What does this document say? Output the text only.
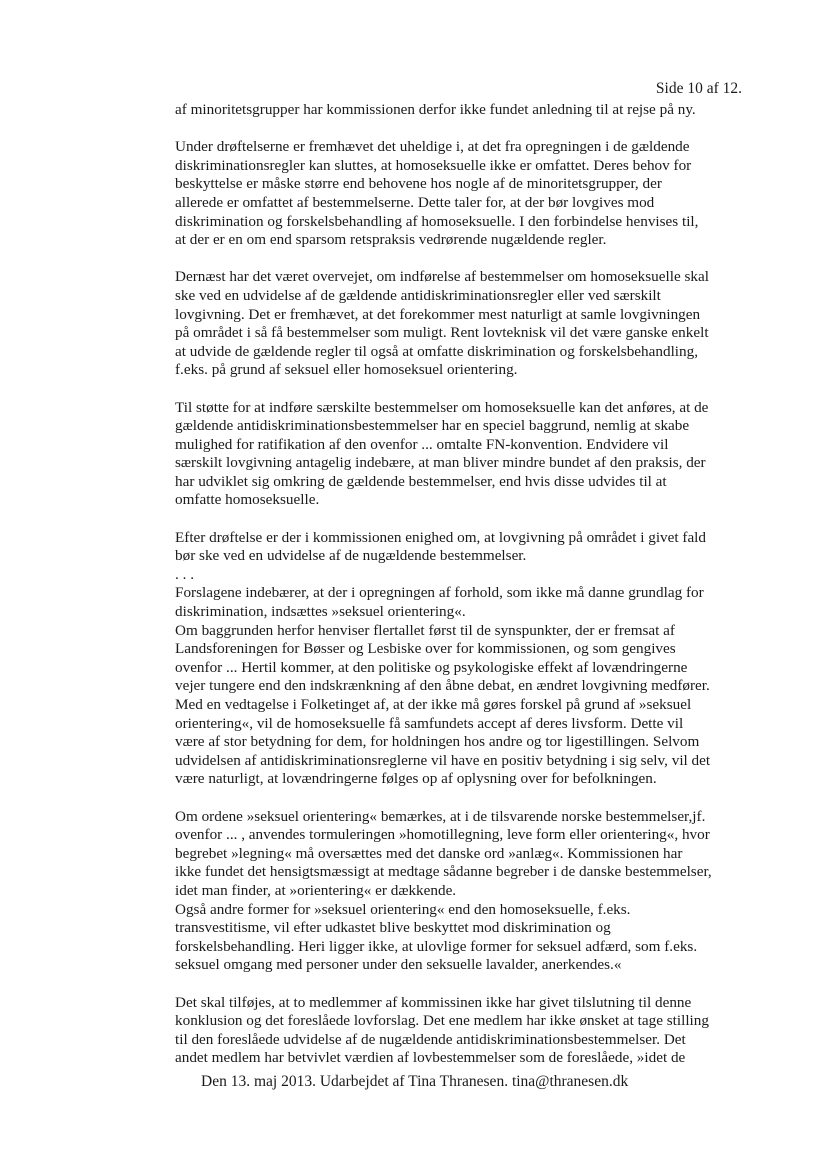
Side 10 af 12.
af minoritetsgrupper har kommissionen derfor ikke fundet anledning til at rejse på ny.
Under drøftelserne er fremhævet det uheldige i, at det fra opregningen i de gældende
diskriminationsregler kan sluttes, at homoseksuelle ikke er omfattet. Deres behov for
beskyttelse er måske større end behovene hos nogle af de minoritetsgrupper, der
allerede er omfattet af bestemmelserne. Dette taler for, at der bør lovgives mod
diskrimination og forskelsbehandling af homoseksuelle. I den forbindelse henvises til,
at der er en om end sparsom retspraksis vedrørende nugældende regler.
Dernæst har det været overvejet, om indførelse af bestemmelser om homoseksuelle skal
ske ved en udvidelse af de gældende antidiskriminationsregler eller ved særskilt
lovgivning. Det er fremhævet, at det forekommer mest naturligt at samle lovgivningen
på området i så få bestemmelser som muligt. Rent lovteknisk vil det være ganske enkelt
at udvide de gældende regler til også at omfatte diskrimination og forskelsbehandling,
f.eks. på grund af seksuel eller homoseksuel orientering.
Til støtte for at indføre særskilte bestemmelser om homoseksuelle kan det anføres, at de
gældende antidiskriminationsbestemmelser har en speciel baggrund, nemlig at skabe
mulighed for ratifikation af den ovenfor ... omtalte FN-konvention. Endvidere vil
særskilt lovgivning antagelig indebære, at man bliver mindre bundet af den praksis, der
har udviklet sig omkring de gældende bestemmelser, end hvis disse udvides til at
omfatte homoseksuelle.
Efter drøftelse er der i kommissionen enighed om, at lovgivning på området i givet fald
bør ske ved en udvidelse af de nugældende bestemmelser.
. . .
Forslagene indebærer, at der i opregningen af forhold, som ikke må danne grundlag for
diskrimination, indsættes »seksuel orientering«.
Om baggrunden herfor henviser flertallet først til de synspunkter, der er fremsat af
Landsforeningen for Bøsser og Lesbiske over for kommissionen, og som gengives
ovenfor ... Hertil kommer, at den politiske og psykologiske effekt af lovændringerne
vejer tungere end den indskrænkning af den åbne debat, en ændret lovgivning medfører.
Med en vedtagelse i Folketinget af, at der ikke må gøres forskel på grund af »seksuel
orientering«, vil de homoseksuelle få samfundets accept af deres livsform. Dette vil
være af stor betydning for dem, for holdningen hos andre og tor ligestillingen. Selvom
udvidelsen af antidiskriminationsreglerne vil have en positiv betydning i sig selv, vil det
være naturligt, at lovændringerne følges op af oplysning over for befolkningen.
Om ordene »seksuel orientering« bemærkes, at i de tilsvarende norske bestemmelser,jf.
ovenfor ... , anvendes tormuleringen »homotillegning, leve form eller orientering«, hvor
begrebet »legning« må oversættes med det danske ord »anlæg«. Kommissionen har
ikke fundet det hensigtsmæssigt at medtage sådanne begreber i de danske bestemmelser,
idet man finder, at »orientering« er dækkende.
Også andre former for »seksuel orientering« end den homoseksuelle, f.eks.
transvestitisme, vil efter udkastet blive beskyttet mod diskrimination og
forskelsbehandling. Heri ligger ikke, at ulovlige former for seksuel adfærd, som f.eks.
seksuel omgang med personer under den seksuelle lavalder, anerkendes.«
Det skal tilføjes, at to medlemmer af kommissinen ikke har givet tilslutning til denne
konklusion og det foreslåede lovforslag. Det ene medlem har ikke ønsket at tage stilling
til den foreslåede udvidelse af de nugældende antidiskriminationsbestemmelser. Det
andet medlem har betvivlet værdien af lovbestemmelser som de foreslåede, »idet de
Den 13. maj 2013. Udarbejdet af Tina Thranesen. tina@thranesen.dk
